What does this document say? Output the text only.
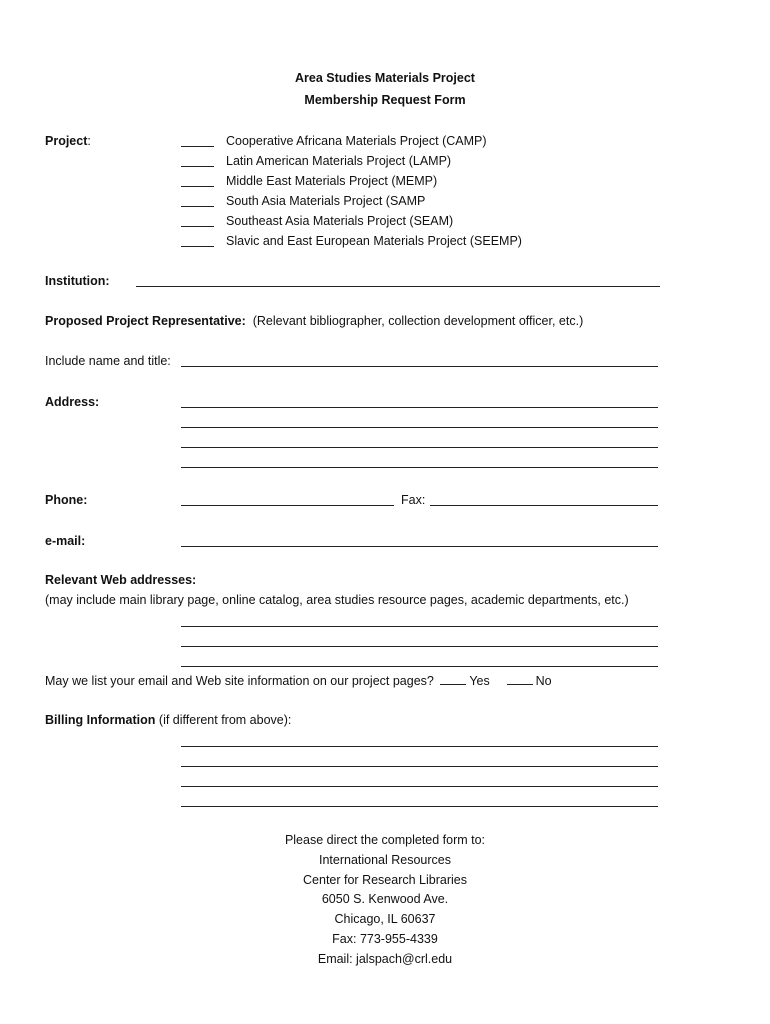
Area Studies Materials Project
Membership Request Form
Project:	Cooperative Africana Materials Project (CAMP)
Latin American Materials Project (LAMP)
Middle East Materials Project (MEMP)
South Asia Materials Project (SAMP
Southeast Asia Materials Project (SEAM)
Slavic and East European Materials Project (SEEMP)
Institution:
Proposed Project Representative: (Relevant bibliographer, collection development officer, etc.)
Include name and title:
Address:
Phone:	Fax:
e-mail:
Relevant Web addresses:
(may include main library page, online catalog, area studies resource pages, academic departments, etc.)
May we list your email and Web site information on our project pages?	Yes	No
Billing Information (if different from above):
Please direct the completed form to:
International Resources
Center for Research Libraries
6050 S. Kenwood Ave.
Chicago, IL 60637
Fax: 773-955-4339
Email: jalspach@crl.edu
